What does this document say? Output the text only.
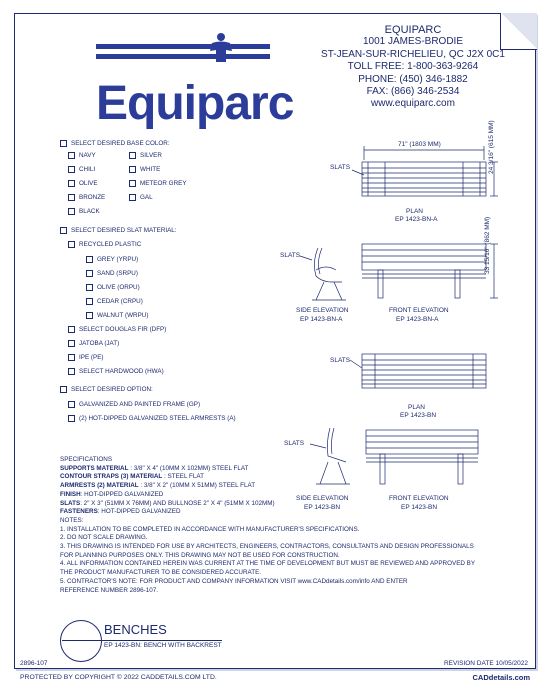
Equiparc
EQUIPARC
1001 JAMES-BRODIE
ST-JEAN-SUR-RICHELIEU, QC J2X 0C1
TOLL FREE: 1-800-363-9264
PHONE: (450) 346-1882
FAX: (866) 346-2534
www.equiparc.com
SELECT DESIRED BASE COLOR:
NAVY	SILVER
CHILI	WHITE
OLIVE	METEOR GREY
BRONZE	GAL
BLACK
SELECT DESIRED SLAT MATERIAL:
RECYCLED PLASTIC
GREY (YRPU)
SAND (SRPU)
OLIVE (ORPU)
CEDAR (CRPU)
WALNUT (WRPU)
SELECT DOUGLAS FIR (DFP)
JATOBA (JAT)
IPE (PE)
SELECT HARDWOOD (HWA)
SELECT DESIRED OPTION:
GALVANIZED AND PAINTED FRAME (GP)
(2) HOT-DIPPED GALVANIZED STEEL ARMRESTS (A)
71" (1803 MM)
SLATS	24 3/16" (615 MM)
PLAN
EP 1423-BN-A
SLATS	33 15/16" (862 MM)
SIDE ELEVATION
EP 1423-BN-A
FRONT ELEVATION
EP 1423-BN-A
SLATS
PLAN
EP 1423-BN
SLATS
SIDE ELEVATION
EP 1423-BN
FRONT ELEVATION
EP 1423-BN
SPECIFICATIONS
SUPPORTS MATERIAL : 3/8" X 4" (10MM X 102MM) STEEL FLAT
CONTOUR STRAPS (3) MATERIAL : STEEL FLAT
ARMRESTS (2) MATERIAL : 3/8" X 2" (10MM X 51MM) STEEL FLAT
FINISH: HOT-DIPPED GALVANIZED
SLATS: 2" X 3" (51MM X 76MM) AND BULLNOSE 2" X 4" (51MM X 102MM)
FASTENERS: HOT-DIPPED GALVANIZED
NOTES:
1. INSTALLATION TO BE COMPLETED IN ACCORDANCE WITH MANUFACTURER'S SPECIFICATIONS.
2. DO NOT SCALE DRAWING.
3. THIS DRAWING IS INTENDED FOR USE BY ARCHITECTS, ENGINEERS, CONTRACTORS, CONSULTANTS AND DESIGN PROFESSIONALS
FOR PLANNING PURPOSES ONLY. THIS DRAWING MAY NOT BE USED FOR CONSTRUCTION.
4. ALL INFORMATION CONTAINED HEREIN WAS CURRENT AT THE TIME OF DEVELOPMENT BUT MUST BE REVIEWED AND APPROVED BY
THE PRODUCT MANUFACTURER TO BE CONSIDERED ACCURATE.
5. CONTRACTOR'S NOTE: FOR PRODUCT AND COMPANY INFORMATION VISIT www.CADdetails.com/info AND ENTER
REFERENCE NUMBER 2896-107.
BENCHES
EP 1423-BN: BENCH WITH BACKREST
2896-107	REVISION DATE 10/05/2022
PROTECTED BY COPYRIGHT © 2022 CADDETAILS.COM LTD.	CADdetails.com
